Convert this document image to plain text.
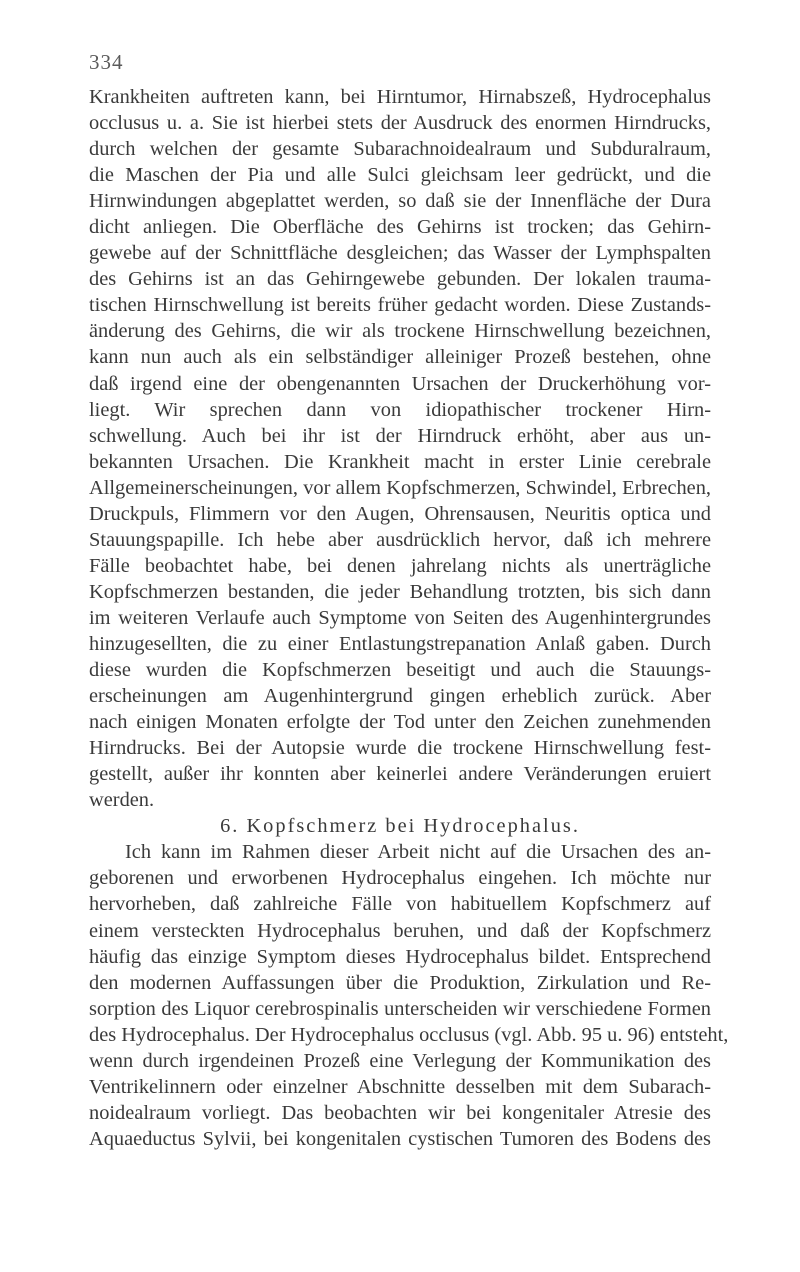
334
Krankheiten auftreten kann, bei Hirntumor, Hirnabszeß, Hydrocephalus
occlusus u. a. Sie ist hierbei stets der Ausdruck des enormen Hirndrucks,
durch welchen der gesamte Subarachnoidealraum und Subduralraum,
die Maschen der Pia und alle Sulci gleichsam leer gedrückt, und die
Hirnwindungen abgeplattet werden, so daß sie der Innenfläche der Dura
dicht anliegen. Die Oberfläche des Gehirns ist trocken; das Gehirn-
gewebe auf der Schnittfläche desgleichen; das Wasser der Lymphspalten
des Gehirns ist an das Gehirngewebe gebunden. Der lokalen trauma-
tischen Hirnschwellung ist bereits früher gedacht worden. Diese Zustands-
änderung des Gehirns, die wir als trockene Hirnschwellung bezeichnen,
kann nun auch als ein selbständiger alleiniger Prozeß bestehen, ohne
daß irgend eine der obengenannten Ursachen der Druckerhöhung vor-
liegt. Wir sprechen dann von idiopathischer trockener Hirn-
schwellung. Auch bei ihr ist der Hirndruck erhöht, aber aus un-
bekannten Ursachen. Die Krankheit macht in erster Linie cerebrale
Allgemeinerscheinungen, vor allem Kopfschmerzen, Schwindel, Erbrechen,
Druckpuls, Flimmern vor den Augen, Ohrensausen, Neuritis optica und
Stauungspapille. Ich hebe aber ausdrücklich hervor, daß ich mehrere
Fälle beobachtet habe, bei denen jahrelang nichts als unerträgliche
Kopfschmerzen bestanden, die jeder Behandlung trotzten, bis sich dann
im weiteren Verlaufe auch Symptome von Seiten des Augenhintergrundes
hinzugesellten, die zu einer Entlastungstrepanation Anlaß gaben. Durch
diese wurden die Kopfschmerzen beseitigt und auch die Stauungs-
erscheinungen am Augenhintergrund gingen erheblich zurück. Aber
nach einigen Monaten erfolgte der Tod unter den Zeichen zunehmenden
Hirndrucks. Bei der Autopsie wurde die trockene Hirnschwellung fest-
gestellt, außer ihr konnten aber keinerlei andere Veränderungen eruiert
werden.
6. Kopfschmerz bei Hydrocephalus.
Ich kann im Rahmen dieser Arbeit nicht auf die Ursachen des an-
geborenen und erworbenen Hydrocephalus eingehen. Ich möchte nur
hervorheben, daß zahlreiche Fälle von habituellem Kopfschmerz auf
einem versteckten Hydrocephalus beruhen, und daß der Kopfschmerz
häufig das einzige Symptom dieses Hydrocephalus bildet. Entsprechend
den modernen Auffassungen über die Produktion, Zirkulation und Re-
sorption des Liquor cerebrospinalis unterscheiden wir verschiedene Formen
des Hydrocephalus. Der Hydrocephalus occlusus (vgl. Abb. 95 u. 96) entsteht,
wenn durch irgendeinen Prozeß eine Verlegung der Kommunikation des
Ventrikelinnern oder einzelner Abschnitte desselben mit dem Subarach-
noidealraum vorliegt. Das beobachten wir bei kongenitaler Atresie des
Aquaeductus Sylvii, bei kongenitalen cystischen Tumoren des Bodens des
